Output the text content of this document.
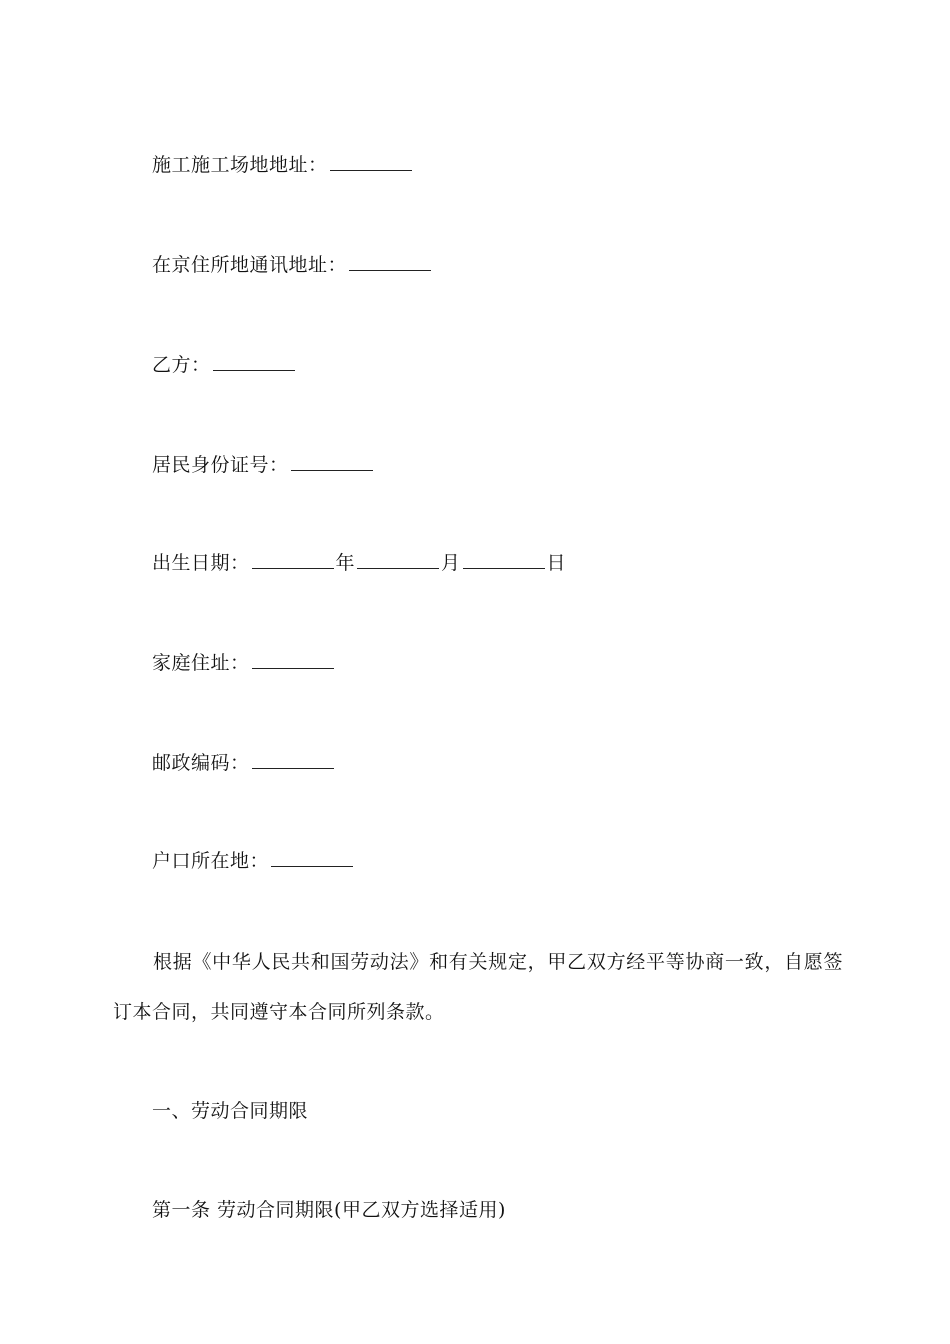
施工施工场地地址：
在京住所地通讯地址：
乙方：
居民身份证号：
出生日期：	年	月	日
家庭住址：
邮政编码：
户口所在地：
根据《中华人民共和国劳动法》和有关规定，甲乙双方经平等协商一致，自愿签订本合同，共同遵守本合同所列条款。
一、劳动合同期限
第一条 劳动合同期限(甲乙双方选择适用)
